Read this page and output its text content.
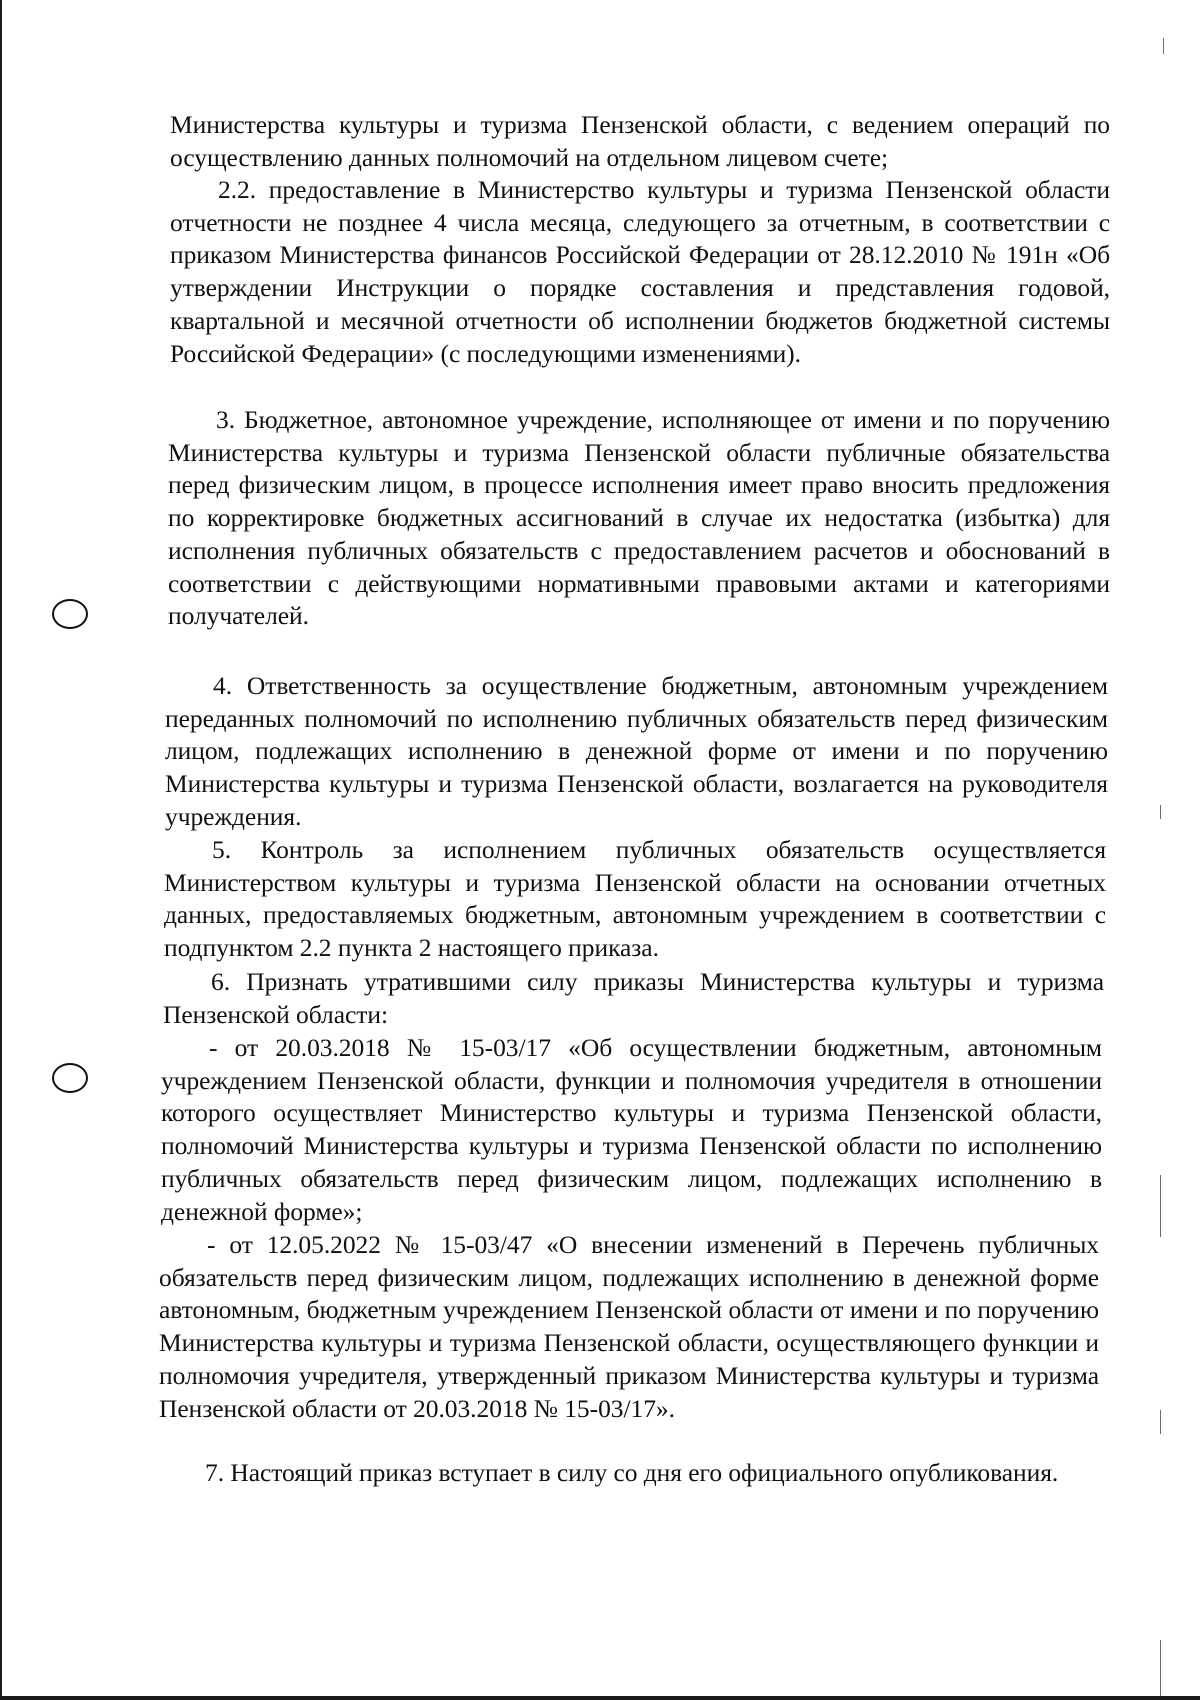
Министерства культуры и туризма Пензенской области, с ведением операций по осуществлению данных полномочий на отдельном лицевом счете;

2.2. предоставление в Министерство культуры и туризма Пензенской области отчетности не позднее 4 числа месяца, следующего за отчетным, в соответствии с приказом Министерства финансов Российской Федерации от 28.12.2010 № 191н «Об утверждении Инструкции о порядке составления и представления годовой, квартальной и месячной отчетности об исполнении бюджетов бюджетной системы Российской Федерации» (с последующими изменениями).

3. Бюджетное, автономное учреждение, исполняющее от имени и по поручению Министерства культуры и туризма Пензенской области публичные обязательства перед физическим лицом, в процессе исполнения имеет право вносить предложения по корректировке бюджетных ассигнований в случае их недостатка (избытка) для исполнения публичных обязательств с предоставлением расчетов и обоснований в соответствии с действующими нормативными правовыми актами и категориями получателей.

4. Ответственность за осуществление бюджетным, автономным учреждением переданных полномочий по исполнению публичных обязательств перед физическим лицом, подлежащих исполнению в денежной форме от имени и по поручению Министерства культуры и туризма Пензенской области, возлагается на руководителя учреждения.

5. Контроль за исполнением публичных обязательств осуществляется Министерством культуры и туризма Пензенской области на основании отчетных данных, предоставляемых бюджетным, автономным учреждением в соответствии с подпунктом 2.2 пункта 2 настоящего приказа.

6. Признать утратившими силу приказы Министерства культуры и туризма Пензенской области:

- от 20.03.2018 № 15-03/17 «Об осуществлении бюджетным, автономным учреждением Пензенской области, функции и полномочия учредителя в отношении которого осуществляет Министерство культуры и туризма Пензенской области, полномочий Министерства культуры и туризма Пензенской области по исполнению публичных обязательств перед физическим лицом, подлежащих исполнению в денежной форме»;

- от 12.05.2022 № 15-03/47 «О внесении изменений в Перечень публичных обязательств перед физическим лицом, подлежащих исполнению в денежной форме автономным, бюджетным учреждением Пензенской области от имени и по поручению Министерства культуры и туризма Пензенской области, осуществляющего функции и полномочия учредителя, утвержденный приказом Министерства культуры и туризма Пензенской области от 20.03.2018 № 15-03/17».

7. Настоящий приказ вступает в силу со дня его официального опубликования.
